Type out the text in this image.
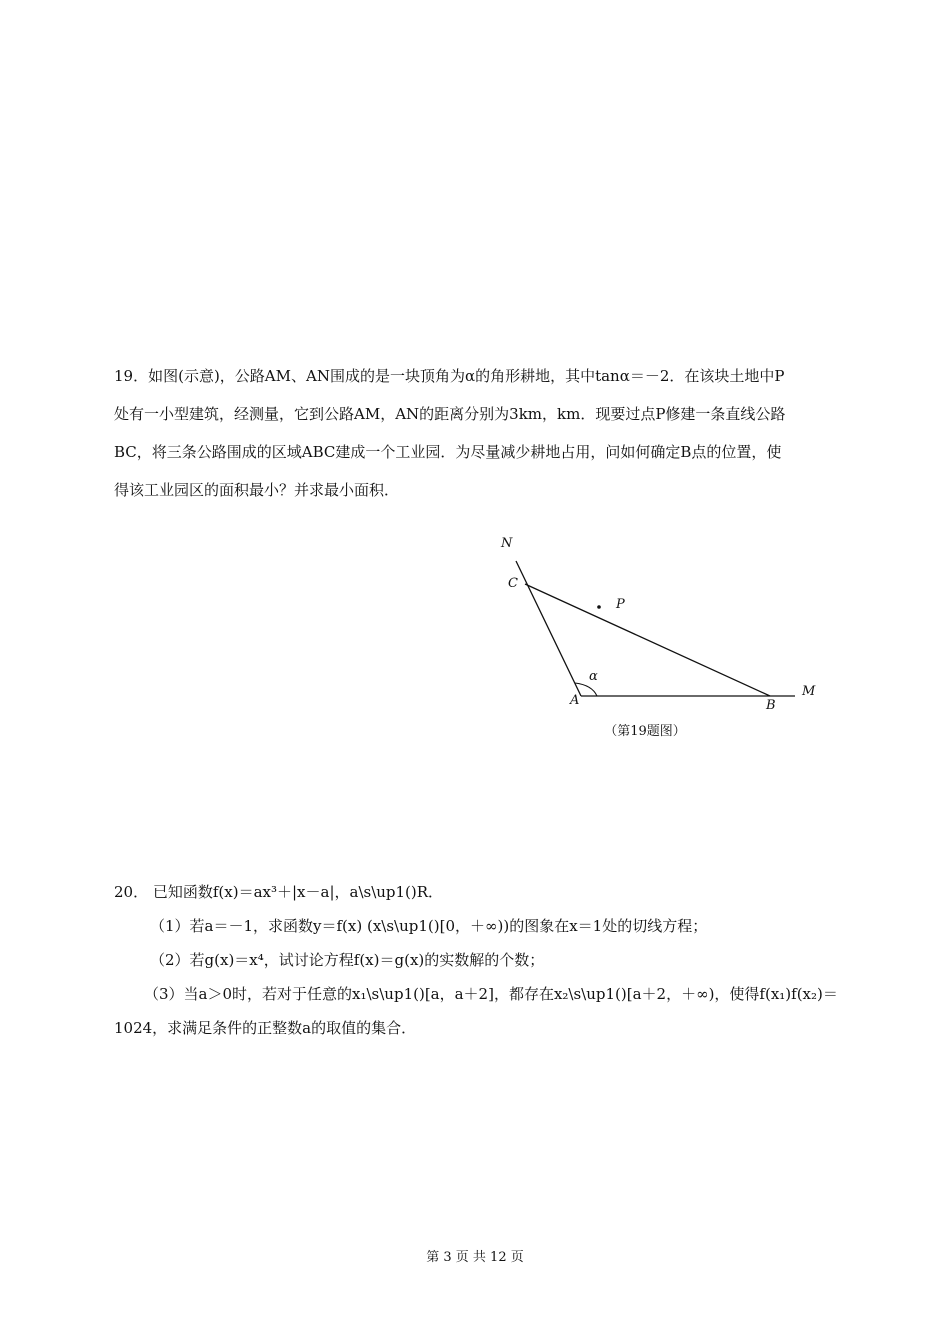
19．如图(示意)，公路AM、AN围成的是一块顶角为α的角形耕地，其中tanα＝－2．在该块土地中P
处有一小型建筑，经测量，它到公路AM，AN的距离分别为3km，km．现要过点P修建一条直线公路
BC，将三条公路围成的区域ABC建成一个工业园．为尽量减少耕地占用，问如何确定B点的位置，使
得该工业园区的面积最小？并求最小面积．
N
C
P
α
A	B
M
（第19题图）
20． 已知函数f(x)＝ax³＋|x－a|，a\s\up1()R．
（1）若a＝－1，求函数y＝f(x) (x\s\up1()[0，＋∞))的图象在x＝1处的切线方程；
（2）若g(x)＝x⁴，试讨论方程f(x)＝g(x)的实数解的个数；
（3）当a＞0时，若对于任意的x₁\s\up1()[a，a＋2]，都存在x₂\s\up1()[a＋2，＋∞)，使得f(x₁)f(x₂)＝
1024，求满足条件的正整数a的取值的集合．
第 3 页 共 12 页
